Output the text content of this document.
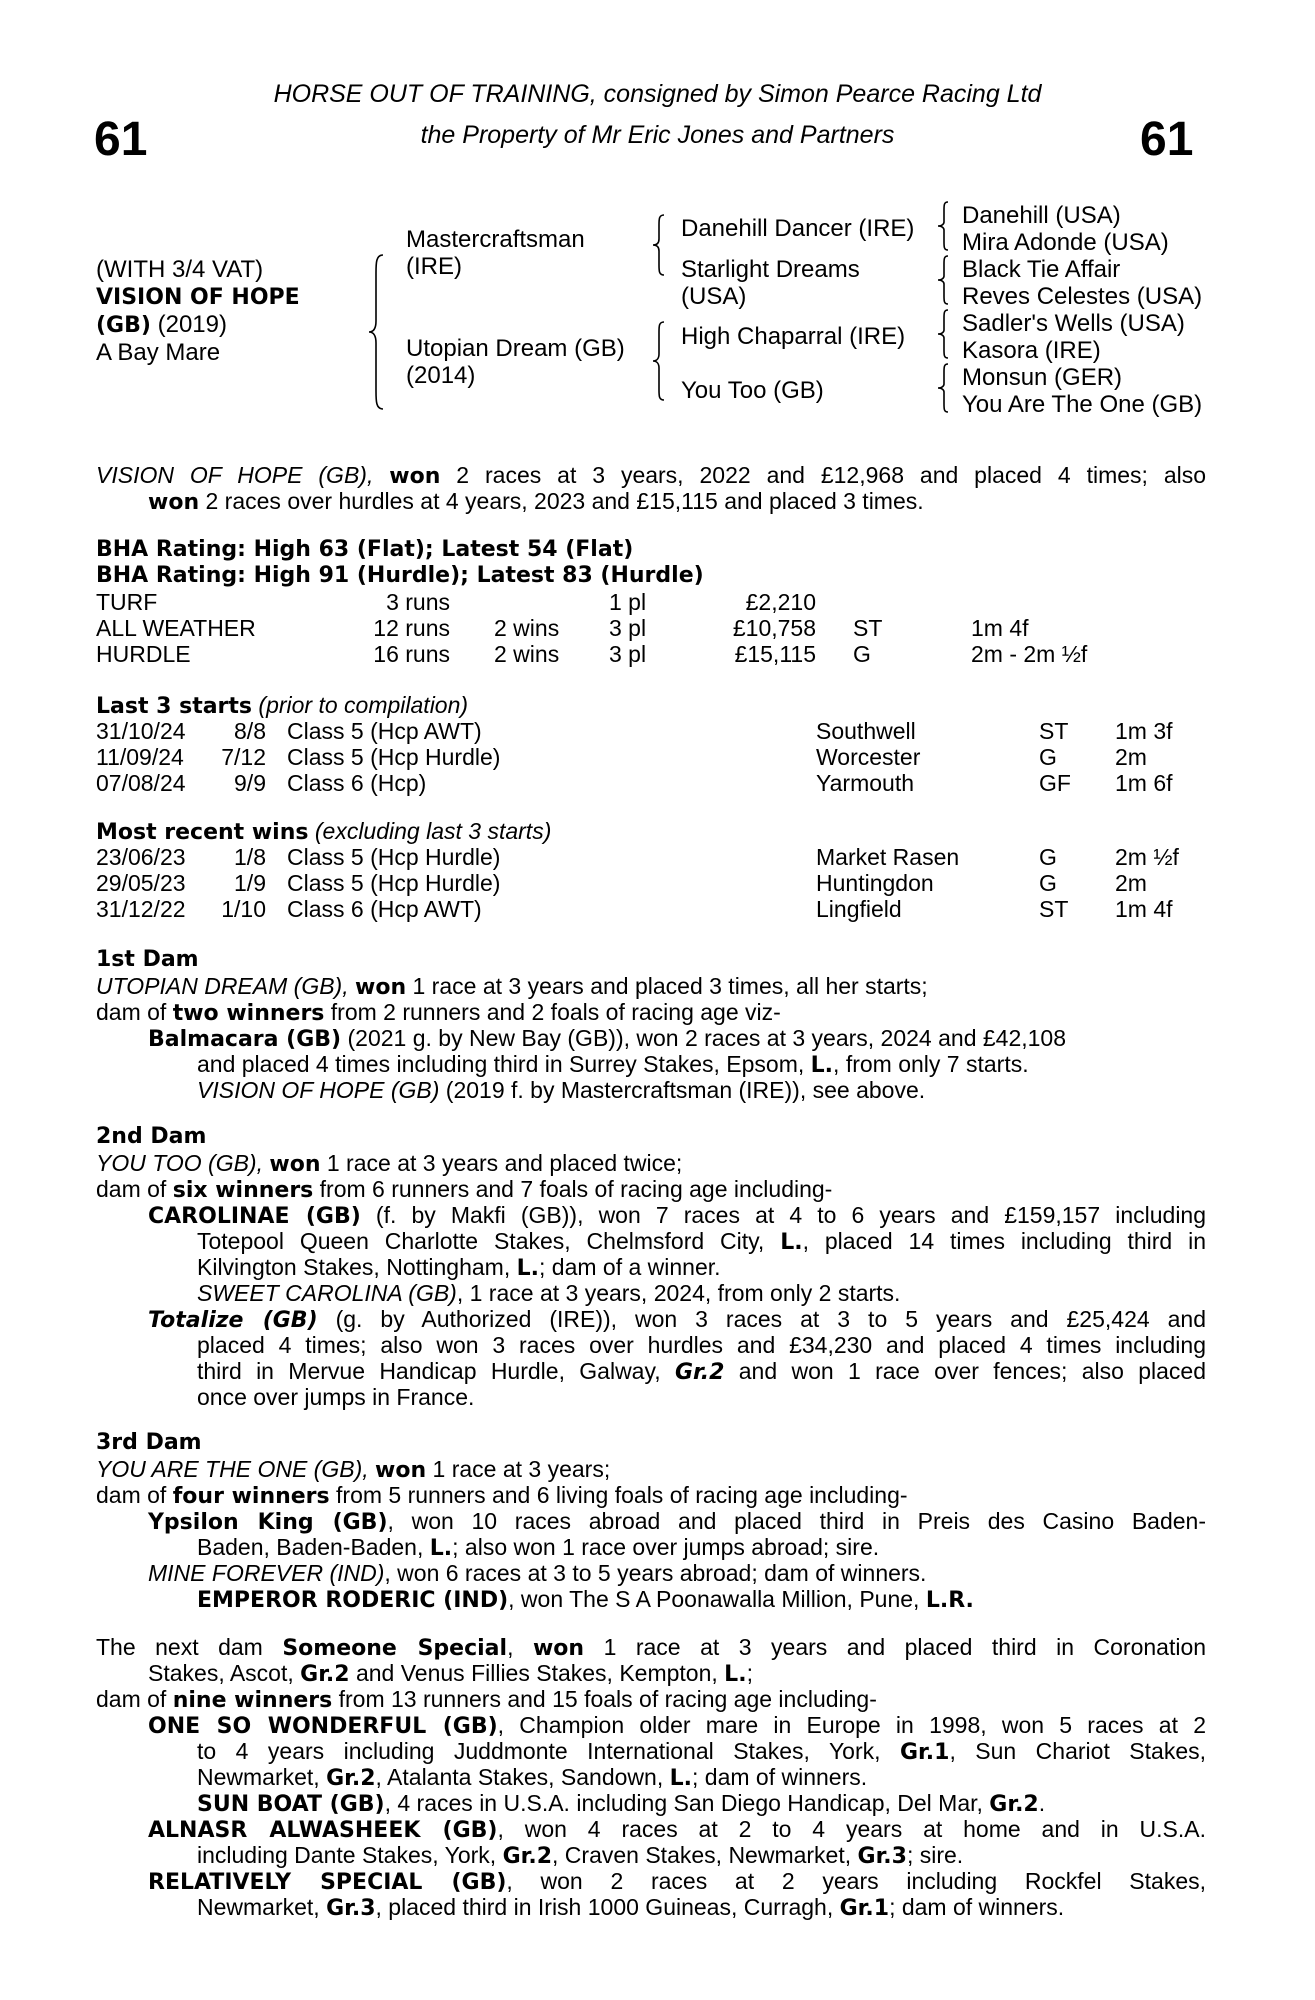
61	61
HORSE OUT OF TRAINING, consigned by Simon Pearce Racing Ltd
the Property of Mr Eric Jones and Partners
(WITH 3/4 VAT)
VISION OF HOPE
(GB) (2019)
A Bay Mare
Mastercraftsman
(IRE)
Utopian Dream (GB)
(2014)
Danehill Dancer (IRE)
Starlight Dreams
(USA)
High Chaparral (IRE)
You Too (GB)
Danehill (USA)
Mira Adonde (USA)
Black Tie Affair
Reves Celestes (USA)
Sadler's Wells (USA)
Kasora (IRE)
Monsun (GER)
You Are The One (GB)
VISION OF HOPE (GB), won 2 races at 3 years, 2022 and £12,968 and placed 4 times; also
won 2 races over hurdles at 4 years, 2023 and £15,115 and placed 3 times.
BHA Rating: High 63 (Flat); Latest 54 (Flat)
BHA Rating: High 91 (Hurdle); Latest 83 (Hurdle)
TURF	3 runs	1 pl	£2,210
ALL WEATHER	12 runs 2 wins 3 pl	£10,758 ST	1m 4f
HURDLE	16 runs 2 wins 3 pl	£15,115 G	2m - 2m ½f
Last 3 starts (prior to compilation)
31/10/24	8/8 Class 5 (Hcp AWT)	Southwell	ST 1m 3f
11/09/24	7/12 Class 5 (Hcp Hurdle)	Worcester	G	2m
07/08/24	9/9 Class 6 (Hcp)	Yarmouth	GF 1m 6f
Most recent wins (excluding last 3 starts)
23/06/23	1/8 Class 5 (Hcp Hurdle)	Market Rasen	G	2m ½f
29/05/23	1/9 Class 5 (Hcp Hurdle)	Huntingdon	G	2m
31/12/22	1/10 Class 6 (Hcp AWT)	Lingfield	ST 1m 4f
1st Dam
UTOPIAN DREAM (GB), won 1 race at 3 years and placed 3 times, all her starts;
dam of two winners from 2 runners and 2 foals of racing age viz-
Balmacara (GB) (2021 g. by New Bay (GB)), won 2 races at 3 years, 2024 and £42,108
and placed 4 times including third in Surrey Stakes, Epsom, L., from only 7 starts.
VISION OF HOPE (GB) (2019 f. by Mastercraftsman (IRE)), see above.
2nd Dam
YOU TOO (GB), won 1 race at 3 years and placed twice;
dam of six winners from 6 runners and 7 foals of racing age including-
CAROLINAE (GB) (f. by Makfi (GB)), won 7 races at 4 to 6 years and £159,157 including
Totepool Queen Charlotte Stakes, Chelmsford City, L., placed 14 times including third in
Kilvington Stakes, Nottingham, L.; dam of a winner.
SWEET CAROLINA (GB), 1 race at 3 years, 2024, from only 2 starts.
Totalize (GB) (g. by Authorized (IRE)), won 3 races at 3 to 5 years and £25,424 and
placed 4 times; also won 3 races over hurdles and £34,230 and placed 4 times including
third in Mervue Handicap Hurdle, Galway, Gr.2 and won 1 race over fences; also placed
once over jumps in France.
3rd Dam
YOU ARE THE ONE (GB), won 1 race at 3 years;
dam of four winners from 5 runners and 6 living foals of racing age including-
Ypsilon King (GB), won 10 races abroad and placed third in Preis des Casino Baden-
Baden, Baden-Baden, L.; also won 1 race over jumps abroad; sire.
MINE FOREVER (IND), won 6 races at 3 to 5 years abroad; dam of winners.
EMPEROR RODERIC (IND), won The S A Poonawalla Million, Pune, L.R.
The next dam Someone Special, won 1 race at 3 years and placed third in Coronation
Stakes, Ascot, Gr.2 and Venus Fillies Stakes, Kempton, L.;
dam of nine winners from 13 runners and 15 foals of racing age including-
ONE SO WONDERFUL (GB), Champion older mare in Europe in 1998, won 5 races at 2
to 4 years including Juddmonte International Stakes, York, Gr.1, Sun Chariot Stakes,
Newmarket, Gr.2, Atalanta Stakes, Sandown, L.; dam of winners.
SUN BOAT (GB), 4 races in U.S.A. including San Diego Handicap, Del Mar, Gr.2.
ALNASR ALWASHEEK (GB), won 4 races at 2 to 4 years at home and in U.S.A.
including Dante Stakes, York, Gr.2, Craven Stakes, Newmarket, Gr.3; sire.
RELATIVELY SPECIAL (GB), won 2 races at 2 years including Rockfel Stakes,
Newmarket, Gr.3, placed third in Irish 1000 Guineas, Curragh, Gr.1; dam of winners.
